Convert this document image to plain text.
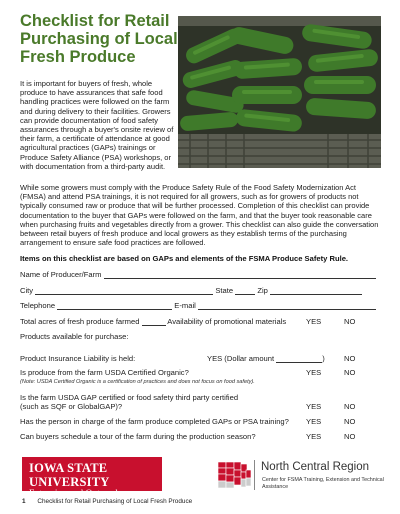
Checklist for Retail Purchasing of Local Fresh Produce
It is important for buyers of fresh, whole produce to have assurances that safe food handling practices were followed on the farm and during delivery to their facilities. Growers can provide documentation of food safety assurances through a buyer's onsite review of their farm, a certificate of attendance at good agricultural practices (GAPs) trainings or Produce Safety Alliance (PSA) workshops, or with documentation from a third-party audit.
While some growers must comply with the Produce Safety Rule of the Food Safety Modernization Act (FMSA) and attend PSA trainings, it is not required for all growers, such as for growers of products not typically consumed raw or produce that will be further processed. Completion of this checklist can provide documentation to the buyer that GAPs were followed on the farm, and that the buyer took reasonable care when purchasing fruits and vegetables directly from a grower. This checklist can also guide the conversation between retail buyers of fresh produce and local growers as they establish terms of the purchasing arrangement to ensure safe food practices are followed.
Items on this checklist are based on GAPs and elements of the FSMA Produce Safety Rule.
Name of Producer/Farm
City	State	Zip
Telephone	E-mail
Total acres of fresh produce farmed	Availability of promotional materials	YES	NO
Products available for purchase:
Product Insurance Liability is held:	YES (Dollar amount	)	NO
Is produce from the farm USDA Certified Organic?
(Note: USDA Certified Organic is a certification of practices and does not focus on food safety).
YES	NO
Is the farm USDA GAP certified or food safety third party certified
(such as SQF or GlobalGAP)?	YES	NO
Has the person in charge of the farm produce completed GAPs or PSA training?	YES	NO
Can buyers schedule a tour of the farm during the production season?	YES	NO
IOWA STATE UNIVERSITY
Extension and Outreach
North Central Region
Center for FSMA Training, Extension and Technical Assistance
1 Checklist for Retail Purchasing of Local Fresh Produce
